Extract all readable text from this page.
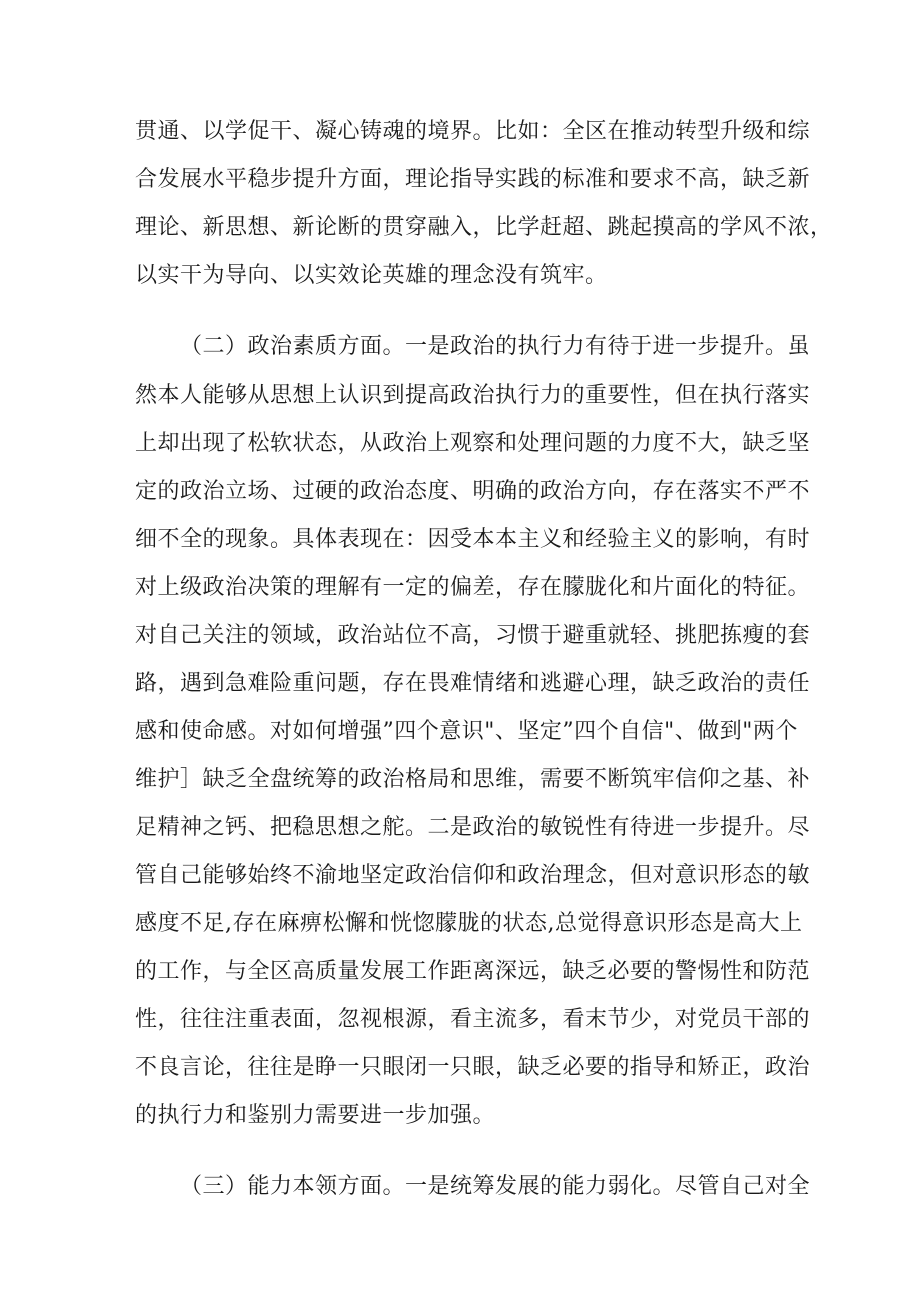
贯通、以学促干、凝心铸魂的境界。比如：全区在推动转型升级和综

合发展水平稳步提升方面，理论指导实践的标准和要求不高，缺乏新

理论、新思想、新论断的贯穿融入，比学赶超、跳起摸高的学风不浓，

以实干为导向、以实效论英雄的理念没有筑牢。

（二）政治素质方面。一是政治的执行力有待于进一步提升。虽

然本人能够从思想上认识到提高政治执行力的重要性，但在执行落实

上却出现了松软状态，从政治上观察和处理问题的力度不大，缺乏坚

定的政治立场、过硬的政治态度、明确的政治方向，存在落实不严不

细不全的现象。具体表现在：因受本本主义和经验主义的影响，有时

对上级政治决策的理解有一定的偏差，存在朦胧化和片面化的特征。

对自己关注的领域，政治站位不高，习惯于避重就轻、挑肥拣瘦的套

路，遇到急难险重问题，存在畏难情绪和逃避心理，缺乏政治的责任

感和使命感。对如何增强”四个意识"、坚定”四个自信"、做到"两个

维护］缺乏全盘统筹的政治格局和思维，需要不断筑牢信仰之基、补

足精神之钙、把稳思想之舵。二是政治的敏锐性有待进一步提升。尽

管自己能够始终不渝地坚定政治信仰和政治理念，但对意识形态的敏

感度不足,存在麻痹松懈和恍惚朦胧的状态,总觉得意识形态是高大上

的工作，与全区高质量发展工作距离深远，缺乏必要的警惕性和防范

性，往往注重表面，忽视根源，看主流多，看末节少，对党员干部的

不良言论，往往是睁一只眼闭一只眼，缺乏必要的指导和矫正，政治

的执行力和鉴别力需要进一步加强。

（三）能力本领方面。一是统筹发展的能力弱化。尽管自己对全
